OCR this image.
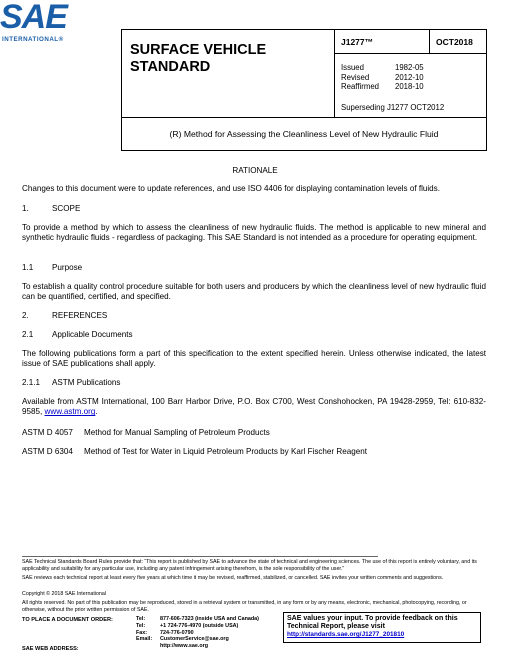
SAE
INTERNATIONAL®
SURFACE VEHICLE
STANDARD
J1277™	OCT2018
Issued	1982-05
Revised	2012-10
Reaffirmed	2018-10
Superseding J1277 OCT2012
(R) Method for Assessing the Cleanliness Level of New Hydraulic Fluid
RATIONALE
Changes to this document were to update references, and use ISO 4406 for displaying contamination levels of fluids.
1.	SCOPE
To provide a method by which to assess the cleanliness of new hydraulic fluids. The method is applicable to new mineral and synthetic hydraulic fluids - regardless of packaging. This SAE Standard is not intended as a procedure for operating equipment.
1.1 Purpose
To establish a quality control procedure suitable for both users and producers by which the cleanliness level of new hydraulic fluid can be quantified, certified, and specified.
2.	REFERENCES
2.1 Applicable Documents
The following publications form a part of this specification to the extent specified herein. Unless otherwise indicated, the latest issue of SAE publications shall apply.
2.1.1 ASTM Publications
Available from ASTM International, 100 Barr Harbor Drive, P.O. Box C700, West Conshohocken, PA 19428-2959, Tel: 610-832-9585, www.astm.org.
ASTM D 4057 Method for Manual Sampling of Petroleum Products
ASTM D 6304 Method of Test for Water in Liquid Petroleum Products by Karl Fischer Reagent
SAE Technical Standards Board Rules provide that: “This report is published by SAE to advance the state of technical and engineering sciences. The use of this report is entirely voluntary, and its applicability and suitability for any particular use, including any patent infringement arising therefrom, is the sole responsibility of the user.”
SAE reviews each technical report at least every five years at which time it may be revised, reaffirmed, stabilized, or cancelled. SAE invites your written comments and suggestions.
Copyright © 2018 SAE International
All rights reserved. No part of this publication may be reproduced, stored in a retrieval system or transmitted, in any form or by any means, electronic, mechanical, photocopying, recording, or otherwise, without the prior written permission of SAE.
TO PLACE A DOCUMENT ORDER:
SAE WEB ADDRESS:
Tel:	877-606-7323 (inside USA and Canada)
Tel:	+1 724-776-4970 (outside USA)
Fax:	724-776-0790
Email:	CustomerService@sae.org
http://www.sae.org
SAE values your input. To provide feedback on this Technical Report, please visit
http://standards.sae.org/J1277_201810
